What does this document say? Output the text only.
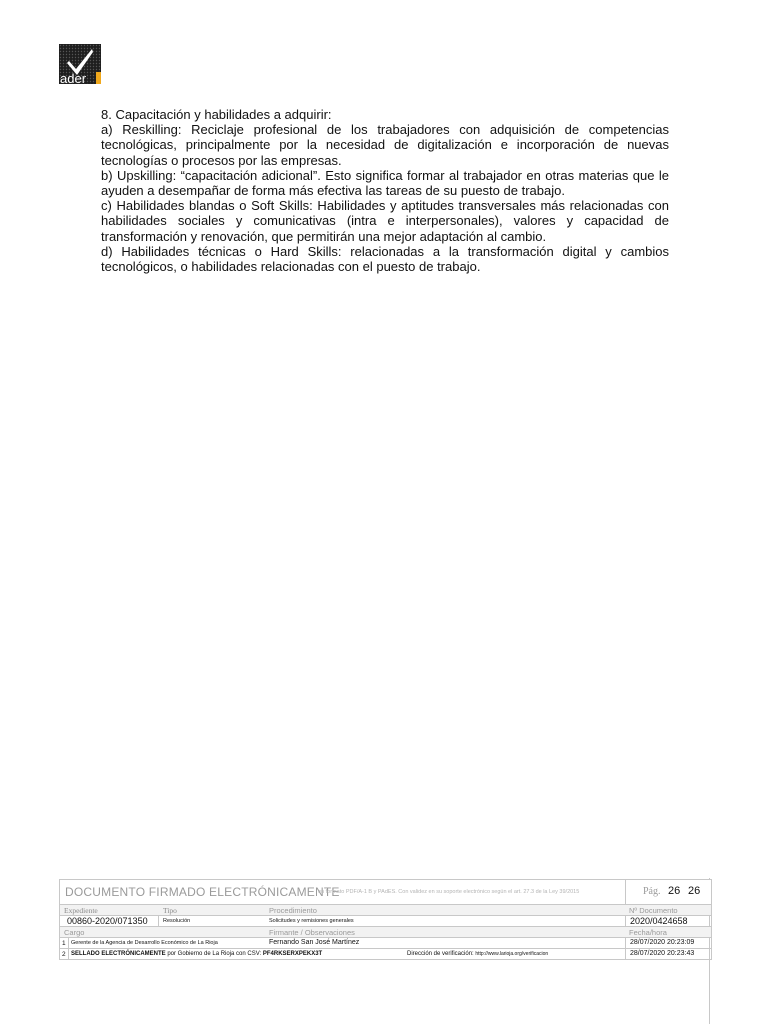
ader

8. Capacitación y habilidades a adquirir:

a) Reskilling: Reciclaje profesional de los trabajadores con adquisición de competencias tecnológicas, principalmente por la necesidad de digitalización e incorporación de nuevas tecnologías o procesos por las empresas.

b) Upskilling: “capacitación adicional”. Esto significa formar al trabajador en otras materias que le ayuden a desempañar de forma más efectiva las tareas de su puesto de trabajo.

c) Habilidades blandas o Soft Skills: Habilidades y aptitudes transversales más relacionadas con habilidades sociales y comunicativas (intra e interpersonales), valores y capacidad de transformación y renovación, que permitirán una mejor adaptación al cambio.

d) Habilidades técnicas o Hard Skills: relacionadas a la transformación digital y cambios tecnológicos, o habilidades relacionadas con el puesto de trabajo.

DOCUMENTO FIRMADO ELECTRÓNICAMENTE
en formato PDF/A-1 B y PAdES. Con validez en su soporte electrónico según el art. 27.3 de la Ley 39/2015	Pág. 26 26
Expediente	Tipo	Procedimiento	Nº Documento
00860-2020/071350	Resolución	Solicitudes y remisiones generales	2020/0424658
Cargo	Firmante / Observaciones	Fecha/hora
1 Gerente de la Agencia de Desarrollo Económico de La Rioja	Fernando San José Martínez	28/07/2020 20:23:09
2 SELLADO ELECTRÓNICAMENTE por Gobierno de La Rioja con CSV: PF4RKSERXPEKX3T	Dirección de verificación: http://www.larioja.org/verificacion	28/07/2020 20:23:43
